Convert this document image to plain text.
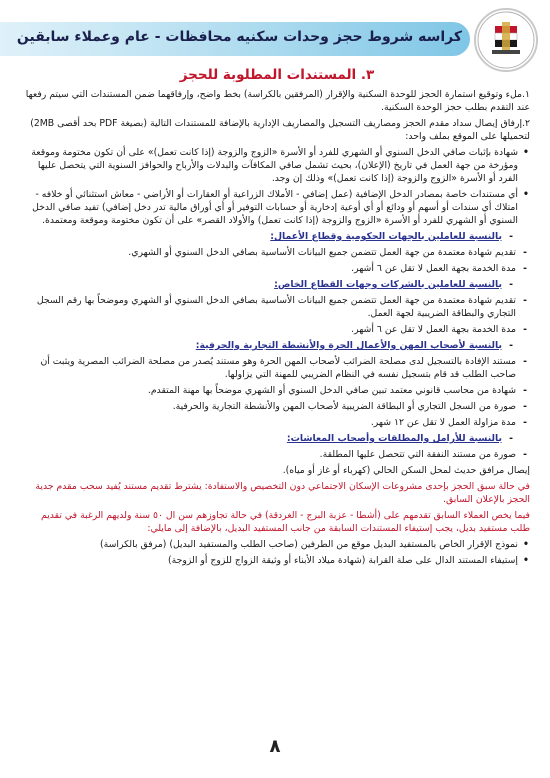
كراسه شروط حجز وحدات سكنيه محافظات - عام وعملاء سابقين
٣. المستندات المطلوبة للحجز

١.ملء وتوقيع استمارة الحجز للوحدة السكنية والإقرار (المرفقين بالكراسة) بخط واضح، وإرفاقهما ضمن المستندات التي سيتم رفعها عند التقدم بطلب حجز الوحدة السكنية.

٢.إرفاق إيصال سداد مقدم الحجز ومصاريف التسجيل والمصاريف الإدارية بالإضافة للمستندات التالية (بصيغة PDF بحد أقصى 2MB) لتحميلها على الموقع بملف واحد:

• شهادة بإثبات صافي الدخل السنوي أو الشهري للفرد أو الأسرة «الزوج والزوجة (إذا كانت تعمل)» على أن تكون مختومة وموقعة ومؤرخة من جهة العمل في تاريخ (الإعلان)، بحيث تشمل صافي المكافآت والبدلات والأرباح والحوافز السنوية التي يتحصل عليها الفرد أو الأسرة «الزوج والزوجة (إذا كانت تعمل)» وذلك إن وجد.
• أي مستندات خاصة بمصادر الدخل الإضافية (عمل إضافي - الأملاك الزراعية أو العقارات أو الأراضي - معاش استثنائي أو خلافه - امتلاك أي سندات أو أسهم أو ودائع أو أي أوعية إدخارية أو حسابات التوفير أو أي أوراق مالية تدر دخل إضافي) تفيد صافي الدخل السنوي أو الشهري للفرد أو الأسرة «الزوج والزوجة (إذا كانت تعمل) والأولاد القصر» على أن تكون مختومة وموقعة ومعتمدة.
- بالنسبة للعاملين بالجهات الحكومية وقطاع الأعمال:
- تقديم شهادة معتمدة من جهة العمل تتضمن جميع البيانات الأساسية بصافي الدخل السنوي أو الشهري.
- مدة الخدمة بجهة العمل لا تقل عن ٦ أشهر.
- بالنسبة للعاملين بالشركات وجهات القطاع الخاص:
- تقديم شهادة معتمدة من جهة العمل تتضمن جميع البيانات الأساسية بصافي الدخل السنوي أو الشهري وموضحاً بها رقم السجل التجاري والبطاقة الضريبية لجهة العمل.
- مدة الخدمة بجهة العمل لا تقل عن ٦ أشهر.
- بالنسبة لأصحاب المهن والأعمال الحرة والأنشطة التجارية والحرفية:
- مستند الإفادة بالتسجيل لدى مصلحة الضرائب لأصحاب المهن الحرة وهو مستند يُصدر من مصلحة الضرائب المصرية ويثبت أن صاحب الطلب قد قام بتسجيل نفسه في النظام الضريبي للمهنة التي يزاولها.
- شهادة من محاسب قانوني معتمد تبين صافي الدخل السنوي أو الشهري موضحاً بها مهنة المتقدم.
- صورة من السجل التجاري أو البطاقة الضريبية لأصحاب المهن والأنشطة التجارية والحرفية.
- مدة مزاولة العمل لا تقل عن ١٢ شهر.
- بالنسبة للأرامل والمطلقات وأصحاب المعاشات:
- صورة من مستند النفقة التي تتحصل عليها المطلقة.

إيصال مرافق حديث لمحل السكن الحالي (كهرباء أو غاز أو مياه).

في حالة سبق الحجز بإحدى مشروعات الإسكان الاجتماعي دون التخصيص والاستفادة: يشترط تقديم مستند يُفيد سحب مقدم جدية الحجز بالإعلان السابق.

فيما يخص العملاء السابق تقدمهم على (أشطا - عزبة البرج - الغردقة) في حالة تجاوزهم سن ال ٥٠ سنة ولديهم الرغبة في تقديم طلب مستفيد بديل، يجب إستيفاء المستندات السابقة من جانب المستفيد البديل، بالإضافة إلى مايلي:

• نموذج الإقرار الخاص بالمستفيد البديل موقع من الطرفين (صاحب الطلب والمستفيد البديل) (مرفق بالكراسة)
• إستيفاء المستند الدال على صلة القرابة (شهادة ميلاد الأبناء أو وثيقة الزواج للزوج أو الزوجة)
٨
